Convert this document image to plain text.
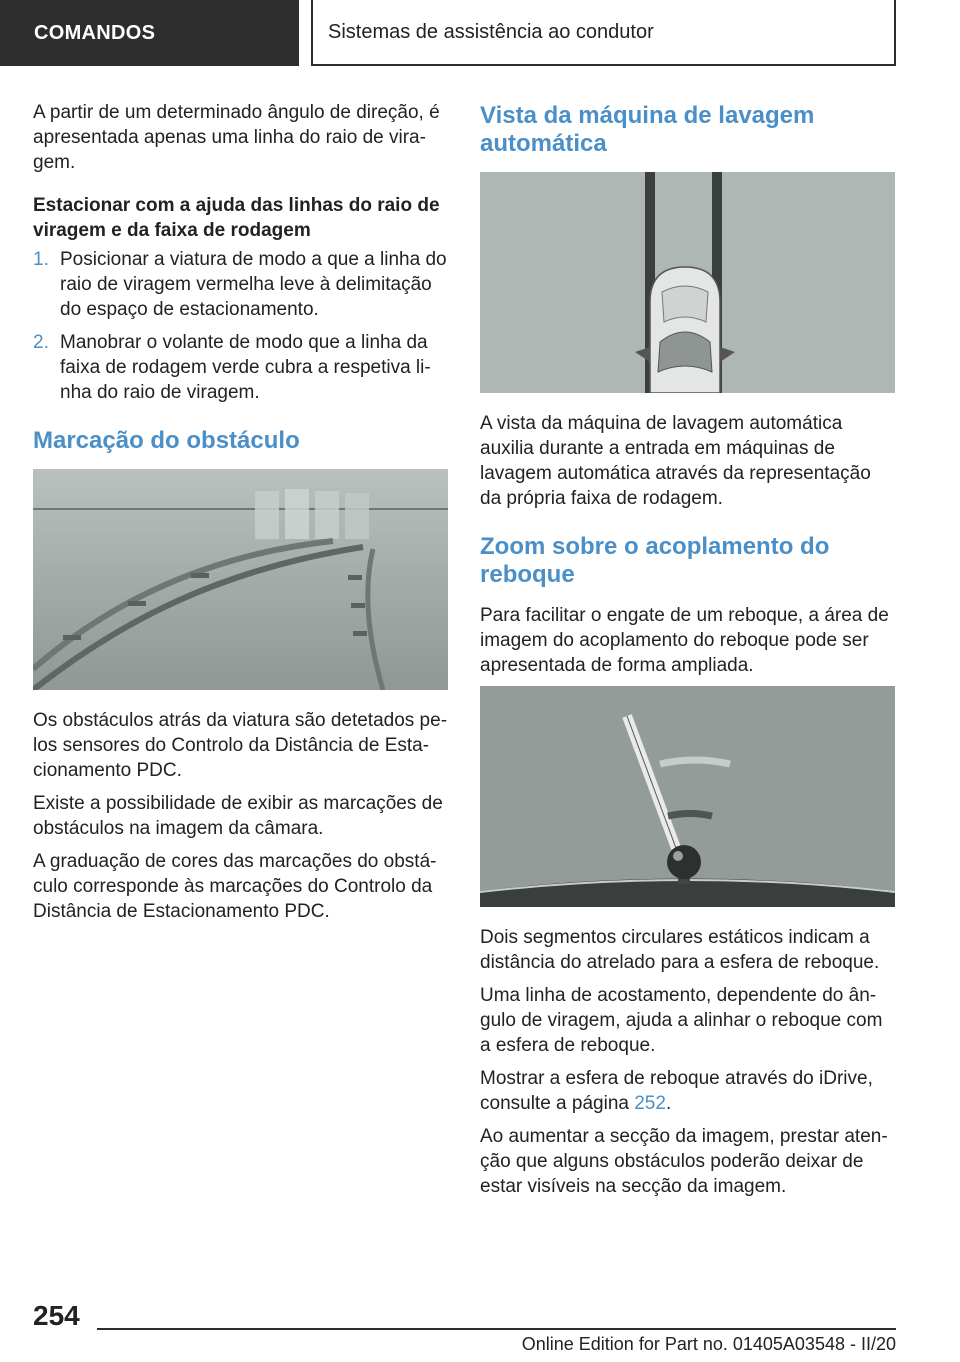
COMANDOS	Sistemas de assistência ao condutor

A partir de um determinado ângulo de direção, é apresentada apenas uma linha do raio de viragem.

Estacionar com a ajuda das linhas do raio de viragem e da faixa de rodagem

1. Posicionar a viatura de modo a que a linha do raio de viragem vermelha leve à delimitação do espaço de estacionamento.
2. Manobrar o volante de modo que a linha da faixa de rodagem verde cubra a respetiva linha do raio de viragem.
Marcação do obstáculo

Os obstáculos atrás da viatura são detetados pelos sensores do Controlo da Distância de Estacionamento PDC.

Existe a possibilidade de exibir as marcações de obstáculos na imagem da câmara.

A graduação de cores das marcações do obstáculo corresponde às marcações do Controlo da Distância de Estacionamento PDC.

Vista da máquina de lavagem automática

A vista da máquina de lavagem automática auxilia durante a entrada em máquinas de lavagem automática através da representação da própria faixa de rodagem.

Zoom sobre o acoplamento do reboque

Para facilitar o engate de um reboque, a área de imagem do acoplamento do reboque pode ser apresentada de forma ampliada.

Dois segmentos circulares estáticos indicam a distância do atrelado para a esfera de reboque.

Uma linha de acostamento, dependente do ângulo de viragem, ajuda a alinhar o reboque com a esfera de reboque.

Mostrar a esfera de reboque através do iDrive, consulte a página 252.

Ao aumentar a secção da imagem, prestar atenção que alguns obstáculos poderão deixar de estar visíveis na secção da imagem.

254
Online Edition for Part no. 01405A03548 - II/20
